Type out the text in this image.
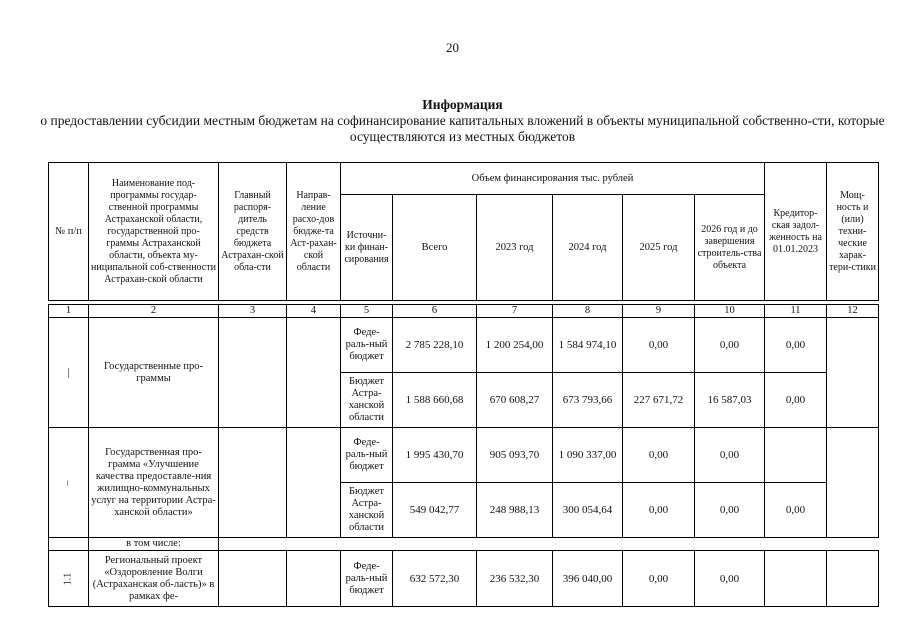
20
Информация
о предоставлении субсидии местным бюджетам на софинансирование капитальных вложений в объекты муниципальной собственно-сти, которые осуществляются из местных бюджетов
№ п/п	Наименование под-программы государ-ственной программы Астраханской области, государственной про-граммы Астраханской области, объекта му-ниципальной соб-ственности Астрахан-ской области	Главный распоря-дитель средств бюджета Астрахан-ской обла-сти	Направ-ление расхо-дов бюдже-та Аст-рахан-ской области	Объем финансирования тыс. рублей						Кредитор-ская задол-женность на 01.01.2023	Мощ-ность и (или) техни-ческие харак-тери-стики
				Источни-ки финан-сирования	Всего	2023 год	2024 год	2025 год	2026 год и до завершения строитель-ства объекта		
1	2	3	4	5	6	7	8	9	10	11	12
—	Государственные про-граммы			Феде-раль-ный бюджет	2 785 228,10	1 200 254,00	1 584 974,10	0,00	0,00	0,00	
				Бюджет Астра-ханской области	1 588 660,68	670 608,27	673 793,66	227 671,72	16 587,03	0,00	
–	Государственная про-грамма «Улучшение качества предоставле-ния жилищно-коммунальных услуг на территории Астра-ханской области»			Феде-раль-ный бюджет	1 995 430,70	905 093,70	1 090 337,00	0,00	0,00		
				Бюджет Астра-ханской области	549 042,77	248 988,13	300 054,64	0,00	0,00	0,00	
	в том числе:										
1.1	Региональный проект «Оздоровление Волги (Астраханская об-ласть)» в рамках фе-			Феде-раль-ный бюджет	632 572,30	236 532,30	396 040,00	0,00	0,00		
